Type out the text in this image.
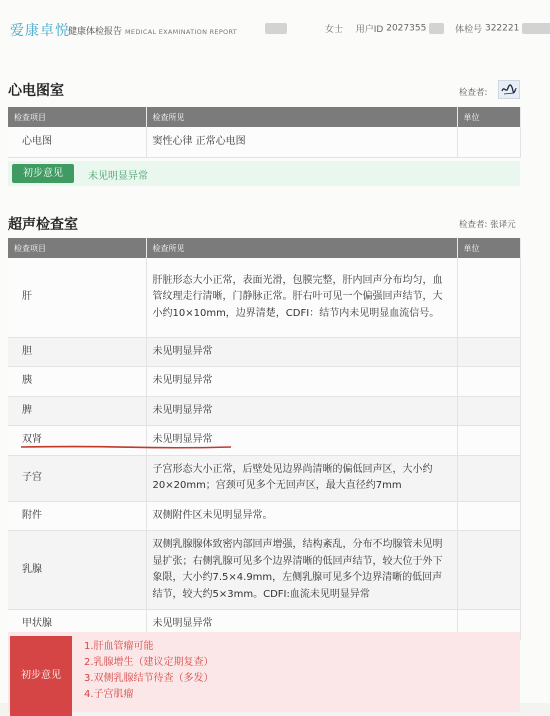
爱康卓悦
健康体检报告 MEDICAL EXAMINATION REPORT	女士 用户ID 2027355	体检号 322221
心电图室	检查者:
检查项目	检查所见	单位
心电图	窦性心律 正常心电图	
初步意见	未见明显异常
超声检查室	检查者: 张译元
检查项目	检查所见	单位
肝	肝脏形态大小正常，表面光滑，包膜完整，肝内回声分布均匀，血管纹理走行清晰，门静脉正常。肝右叶可见一个偏强回声结节，大小约10×10mm，边界清楚，CDFI：结节内未见明显血流信号。	
胆	未见明显异常	
胰	未见明显异常	
脾	未见明显异常	
双肾	未见明显异常	
子宫	子宫形态大小正常，后壁处见边界尚清晰的偏低回声区，大小约20×20mm；宫颈可见多个无回声区，最大直径约7mm	
附件	双侧附件区未见明显异常。	
乳腺	双侧乳腺腺体致密内部回声增强，结构紊乱，分布不均腺管未见明显扩张；右侧乳腺可见多个边界清晰的低回声结节，较大位于外下象限，大小约7.5×4.9mm，左侧乳腺可见多个边界清晰的低回声结节，较大约5×3mm。CDFI:血流未见明显异常	
甲状腺	未见明显异常	
初步意见
1.肝血管瘤可能
2.乳腺增生（建议定期复查）
3.双侧乳腺结节待查（多发）
4.子宫肌瘤
